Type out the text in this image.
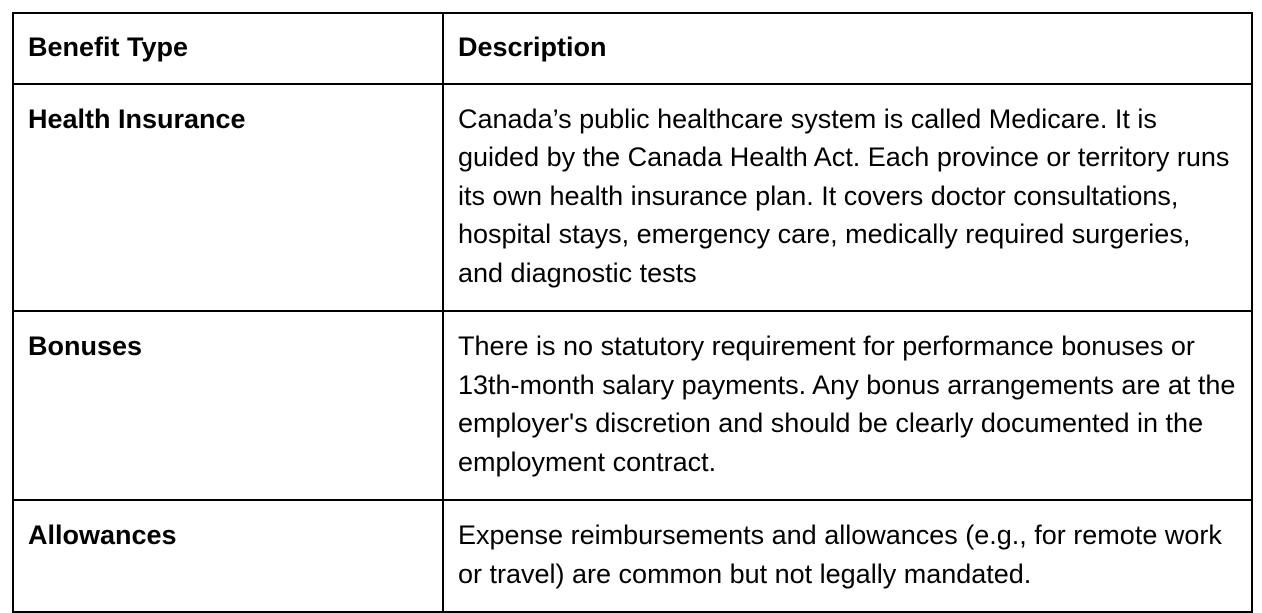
Benefit Type	Description
Health Insurance	Canada’s public healthcare system is called Medicare. It is guided by the Canada Health Act. Each province or territory runs its own health insurance plan. It covers doctor consultations, hospital stays, emergency care, medically required surgeries, and diagnostic tests
Bonuses	There is no statutory requirement for performance bonuses or 13th-month salary payments. Any bonus arrangements are at the employer's discretion and should be clearly documented in the employment contract.
Allowances	Expense reimbursements and allowances (e.g., for remote work or travel) are common but not legally mandated.
